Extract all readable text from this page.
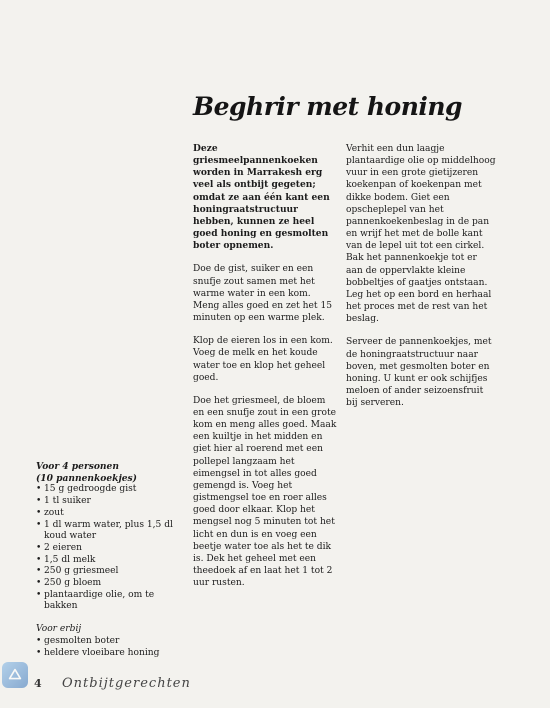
Beghrir met honing

Deze griesmeelpannenkoeken worden in Marrakesh erg veel als ontbijt gegeten; omdat ze aan één kant een honingraatstructuur hebben, kunnen ze heel goed honing en gesmolten boter opnemen.

Doe de gist, suiker en een snufje zout samen met het warme water in een kom. Meng alles goed en zet het 15 minuten op een warme plek.

Klop de eieren los in een kom. Voeg de melk en het koude water toe en klop het geheel goed.

Doe het griesmeel, de bloem en een snufje zout in een grote kom en meng alles goed. Maak een kuiltje in het midden en giet hier al roerend met een pollepel langzaam het eimengsel in tot alles goed gemengd is. Voeg het gistmengsel toe en roer alles goed door elkaar. Klop het mengsel nog 5 minuten tot het licht en dun is en voeg een beetje water toe als het te dik is. Dek het geheel met een theedoek af en laat het 1 tot 2 uur rusten.

Verhit een dun laagje plantaardige olie op middelhoog vuur in een grote gietijzeren koekenpan of koekenpan met dikke bodem. Giet een opscheplepel van het pannenkoekenbeslag in de pan en wrijf het met de bolle kant van de lepel uit tot een cirkel. Bak het pannenkoekje tot er aan de oppervlakte kleine bobbeltjes of gaatjes ontstaan. Leg het op een bord en herhaal het proces met de rest van het beslag.

Serveer de pannenkoekjes, met de honingraatstructuur naar boven, met gesmolten boter en honing. U kunt er ook schijfjes meloen of ander seizoensfruit bij serveren.

Voor 4 personen
(10 pannenkoekjes)

• 15 g gedroogde gist
• 1 tl suiker
• zout
• 1 dl warm water, plus 1,5 dl koud water
• 2 eieren
• 1,5 dl melk
• 250 g griesmeel
• 250 g bloem
• plantaardige olie, om te bakken

Voor erbij

• gesmolten boter
• heldere vloeibare honing
4 Ontbijtgerechten
